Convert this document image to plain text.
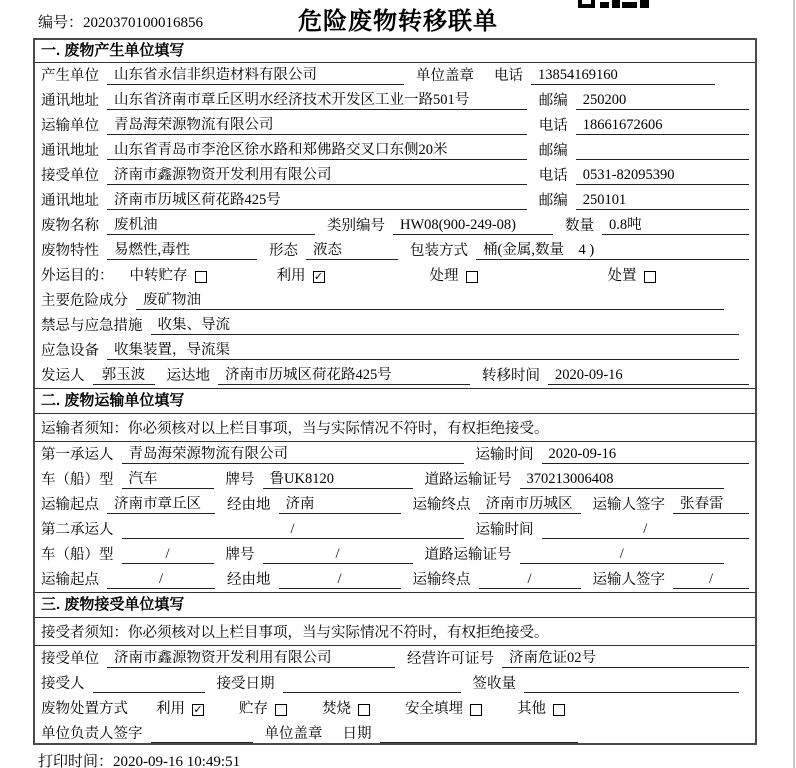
编号：2020370100016856	危险废物转移联单
一. 废物产生单位填写
产生单位	山东省永信非织造材料有限公司	单位盖章 电话	13854169160
通讯地址	山东省济南市章丘区明水经济技术开发区工业一路501号	邮编	250200
运输单位	青岛海荣源物流有限公司	电话	18661672606
通讯地址	山东省青岛市李沧区徐水路和郑佛路交叉口东侧20米	邮编
接受单位	济南市鑫源物资开发利用有限公司	电话	0531-82095390
通讯地址	济南市历城区荷花路425号	邮编	250101
废物名称	废机油	类别编号	HW08(900-249-08)	数量	0.8吨
废物特性	易燃性,毒性	形态	液态	包装方式	桶(金属,数量　4 )
外运目的： 中转贮存	利用 ✓	处理	处置
主要危险成分	废矿物油
禁忌与应急措施	收集、导流
应急设备	收集装置，导流渠
发运人	郭玉波	运达地	济南市历城区荷花路425号	转移时间	2020-09-16
二. 废物运输单位填写
运输者须知：你必须核对以上栏目事项，当与实际情况不符时，有权拒绝接受。
第一承运人	青岛海荣源物流有限公司	运输时间	2020-09-16
车（船）型	汽车	牌号	鲁UK8120	道路运输证号	370213006408
运输起点	济南市章丘区	经由地	济南	运输终点	济南市历城区	运输人签字	张春雷
第二承运人	/	运输时间	/
车（船）型	/	牌号	/	道路运输证号	/
运输起点	/	经由地	/	运输终点	/	运输人签字	/
三. 废物接受单位填写
接受者须知：你必须核对以上栏目事项，当与实际情况不符时，有权拒绝接受。
接受单位	济南市鑫源物资开发利用有限公司	经营许可证号	济南危证02号
接受人	接受日期	签收量
废物处置方式 利用 ✓	贮存	焚烧	安全填埋	其他
单位负责人签字	单位盖章 日期
打印时间：2020-09-16 10:49:51
